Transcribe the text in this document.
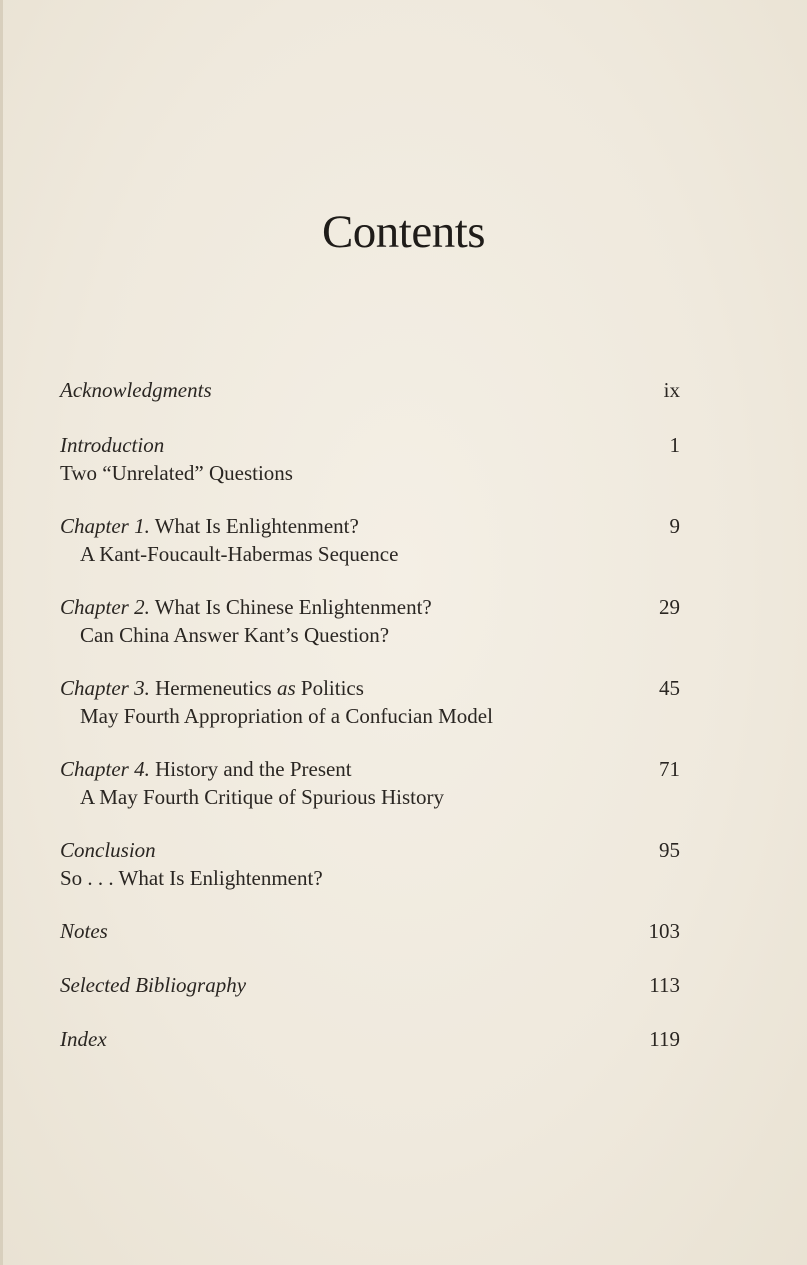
Contents
Acknowledgments	ix
Introduction	1
Two “Unrelated” Questions
Chapter 1. What Is Enlightenment?	9
A Kant-Foucault-Habermas Sequence
Chapter 2. What Is Chinese Enlightenment?	29
Can China Answer Kant’s Question?
Chapter 3. Hermeneutics as Politics	45
May Fourth Appropriation of a Confucian Model
Chapter 4. History and the Present	71
A May Fourth Critique of Spurious History
Conclusion	95
So . . . What Is Enlightenment?
Notes	103
Selected Bibliography	113
Index	119
